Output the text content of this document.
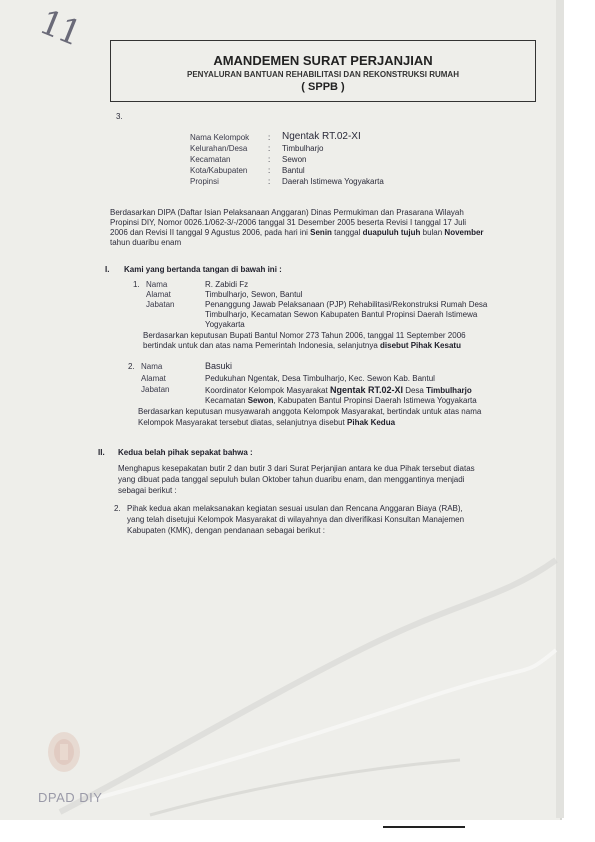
11
AMANDEMEN SURAT PERJANJIAN
PENYALURAN BANTUAN REHABILITASI DAN REKONSTRUKSI RUMAH
( SPPB )
3.
Nama Kelompok : Ngentak RT.02-XI
Kelurahan/Desa	: Timbulharjo
Kecamatan	: Sewon
Kota/Kabupaten	: Bantul
Propinsi	: Daerah Istimewa Yogyakarta
Berdasarkan DIPA (Daftar Isian Pelaksanaan Anggaran) Dinas Permukiman dan Prasarana Wilayah
Propinsi DIY, Nomor 0026.1/062-3/-/2006 tanggal 31 Desember 2005 beserta Revisi I tanggal 17 Juli
2006 dan Revisi II tanggal 9 Agustus 2006, pada hari ini Senin tanggal duapuluh tujuh bulan November
tahun duaribu enam
I. Kami yang bertanda tangan di bawah ini :
1. Nama	R. Zabidi Fz
Alamat	Timbulharjo, Sewon, Bantul
Jabatan	Penanggung Jawab Pelaksanaan (PJP) Rehabilitasi/Rekonstruksi Rumah Desa
Timbulharjo, Kecamatan Sewon Kabupaten Bantul Propinsi Daerah Istimewa
Yogyakarta
Berdasarkan keputusan Bupati Bantul Nomor 273 Tahun 2006, tanggal 11 September 2006
bertindak untuk dan atas nama Pemerintah Indonesia, selanjutnya disebut Pihak Kesatu
2. Nama	Basuki
Alamat	Pedukuhan Ngentak, Desa Timbulharjo, Kec. Sewon Kab. Bantul
Jabatan	Koordinator Kelompok Masyarakat Ngentak RT.02-XI Desa Timbulharjo
Kecamatan Sewon, Kabupaten Bantul Propinsi Daerah Istimewa Yogyakarta
Berdasarkan keputusan musyawarah anggota Kelompok Masyarakat, bertindak untuk atas nama
Kelompok Masyarakat tersebut diatas, selanjutnya disebut Pihak Kedua
II. Kedua belah pihak sepakat bahwa :
Menghapus kesepakatan butir 2 dan butir 3 dari Surat Perjanjian antara ke dua Pihak tersebut diatas
yang dibuat pada tanggal sepuluh bulan Oktober tahun duaribu enam, dan menggantinya menjadi
sebagai berikut :
2. Pihak kedua akan melaksanakan kegiatan sesuai usulan dan Rencana Anggaran Biaya (RAB),
yang telah disetujui Kelompok Masyarakat di wilayahnya dan diverifikasi Konsultan Manajemen
Kabupaten (KMK), dengan pendanaan sebagai berikut :
DPAD DIY
